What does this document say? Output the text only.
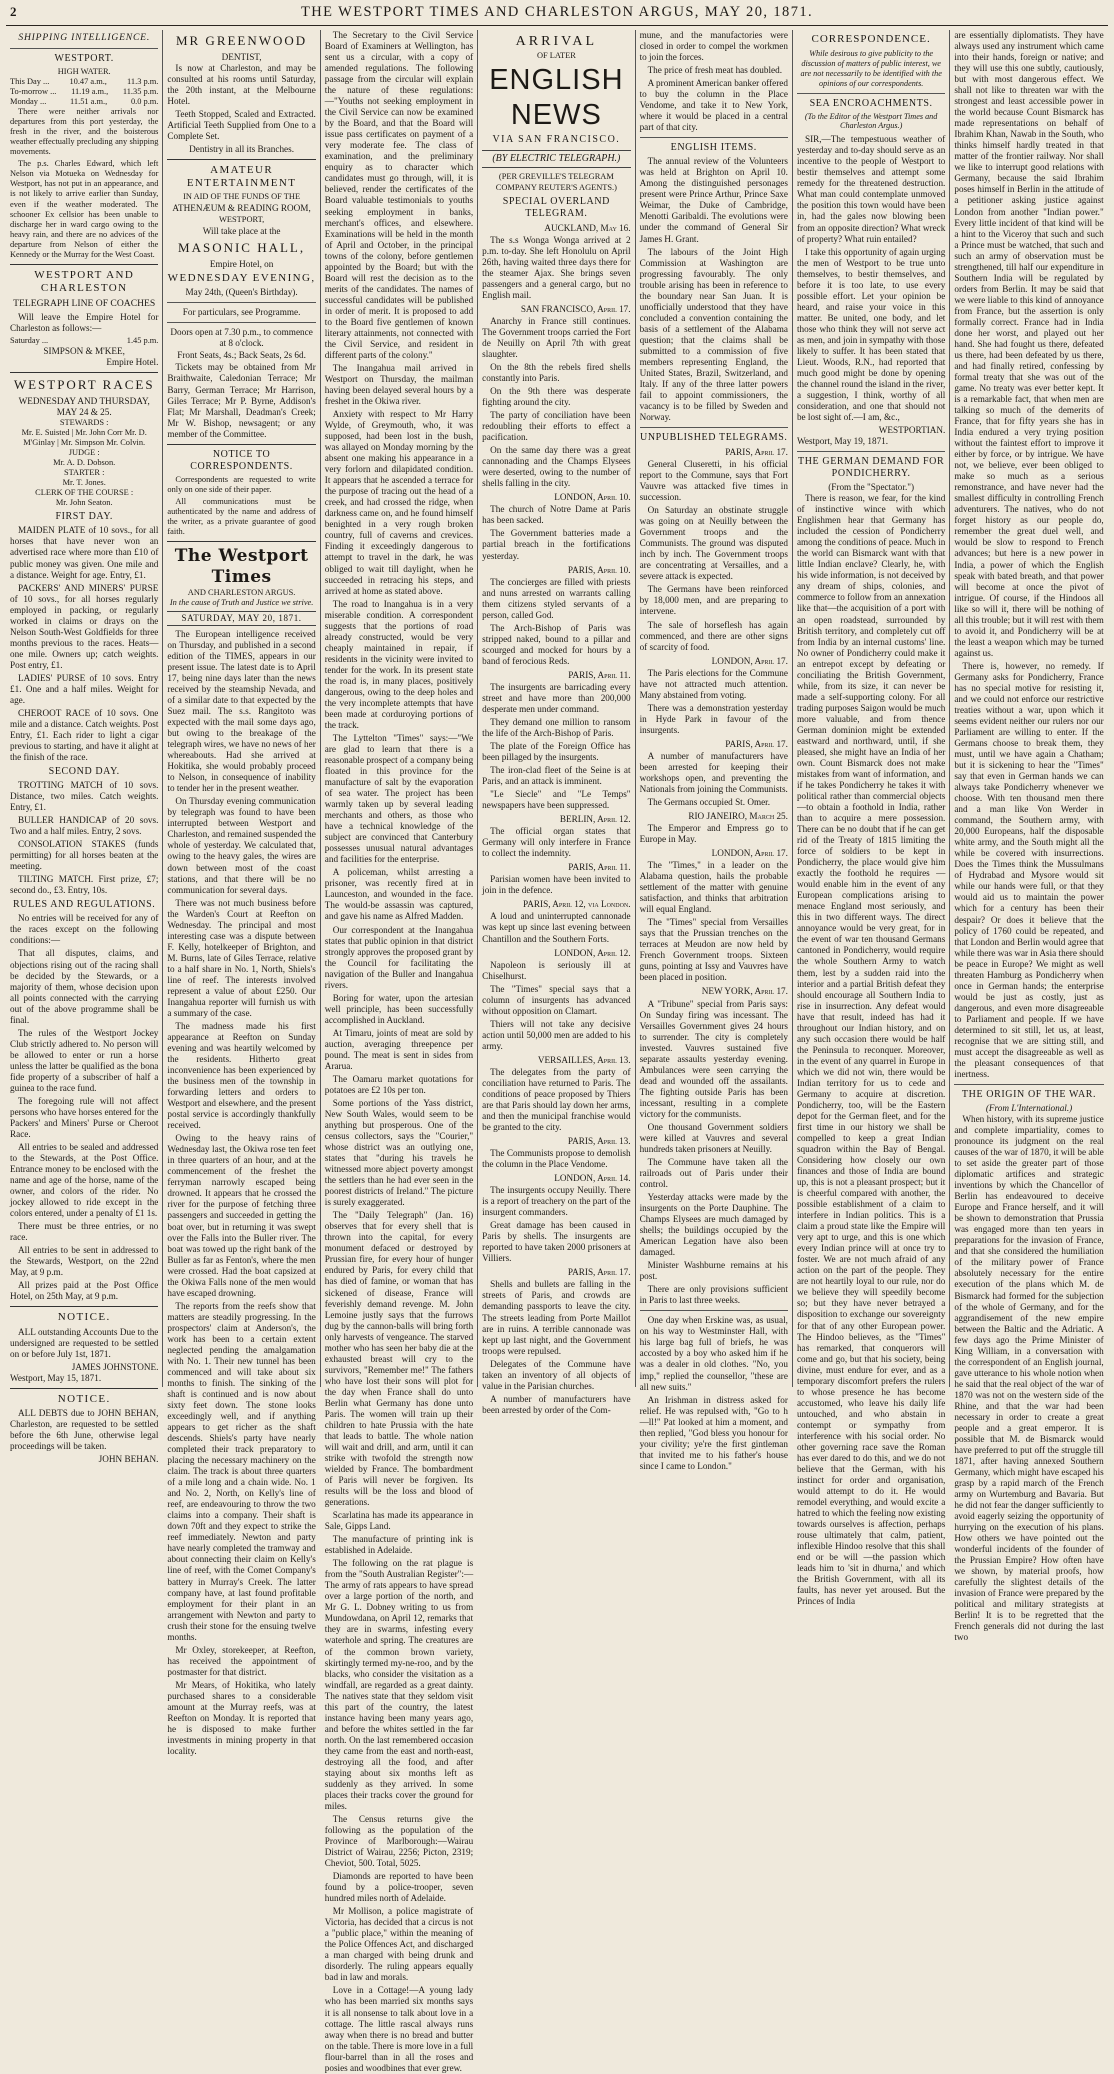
2	THE WESTPORT TIMES AND CHARLESTON ARGUS, MAY 20, 1871.
SHIPPING INTELLIGENCE.
WESTPORT.
HIGH WATER.
This Day ... 10.47 a.m., 11.3 p.m.
To-morrow ... 11.19 a.m., 11.35 p.m.
Monday ...	11.51 a.m.,	0.0 p.m.

There were neither arrivals nor departures from this port yesterday, the fresh in the river, and the boisterous weather effectually precluding any shipping movements.

The p.s. Charles Edward, which left Nelson via Motueka on Wednesday for Westport, has not put in an appearance, and is not likely to arrive earlier than Sunday, even if the weather moderated. The schooner Ex cellsior has been unable to discharge her in ward cargo owing to the heavy rain, and there are no advices of the departure from Nelson of either the Kennedy or the Murray for the West Coast.

WESTPORT AND CHARLESTON
TELEGRAPH LINE OF COACHES

Will leave the Empire Hotel for Charleston as follows:—

Saturday ...	1.45 p.m.
SIMPSON & M'KEE,
Empire Hotel.
WESTPORT RACES
WEDNESDAY AND THURSDAY, MAY 24 & 25.
STEWARDS :
Mr. E. Suisted | Mr. John Corr Mr. D. M'Ginlay | Mr. Simpson Mr. Colvin.
JUDGE :
Mr. A. D. Dobson.
STARTER :
Mr. T. Jones.
CLERK OF THE COURSE :
Mr. John Seaton.
FIRST DAY.

MAIDEN PLATE of 10 sovs., for all horses that have never won an advertised race where more than £10 of public money was given. One mile and a distance. Weight for age. Entry, £1.

PACKERS' AND MINERS' PURSE of 10 sovs., for all horses regularly employed in packing, or regularly worked in claims or drays on the Nelson South-West Goldfields for three months previous to the races. Heats—one mile. Owners up; catch weights. Post entry, £1.

LADIES' PURSE of 10 sovs. Entry £1. One and a half miles. Weight for age.

CHEROOT RACE of 10 sovs. One mile and a distance. Catch weights. Post Entry, £1. Each rider to light a cigar previous to starting, and have it alight at the finish of the race.

SECOND DAY.

TROTTING MATCH of 10 sovs. Distance, two miles. Catch weights. Entry, £1.

BULLER HANDICAP of 20 sovs. Two and a half miles. Entry, 2 sovs.

CONSOLATION STAKES (funds permitting) for all horses beaten at the meeting.

TILTING MATCH. First prize, £7; second do., £3. Entry, 10s.

RULES AND REGULATIONS.

No entries will be received for any of the races except on the following conditions:—

That all disputes, claims, and objections rising out of the racing shall be decided by the Stewards, or a majority of them, whose decision upon all points connected with the carrying out of the above programme shall be final.

The rules of the Westport Jockey Club strictly adhered to. No person will be allowed to enter or run a horse unless the latter be qualified as the bona fide property of a subscriber of half a guinea to the race fund.

The foregoing rule will not affect persons who have horses entered for the Packers' and Miners' Purse or Cheroot Race.

All entries to be sealed and addressed to the Stewards, at the Post Office. Entrance money to be enclosed with the name and age of the horse, name of the owner, and colors of the rider. No jockey allowed to ride except in the colors entered, under a penalty of £1 1s.

There must be three entries, or no race.

All entries to be sent in addressed to the Stewards, Westport, on the 22nd May, at 9 p.m.

All prizes paid at the Post Office Hotel, on 25th May, at 9 p.m.

NOTICE.

ALL outstanding Accounts Due to the undersigned are requested to be settled on or before July 1st, 1871.

JAMES JOHNSTONE.
Westport, May 15, 1871.
NOTICE.

ALL DEBTS due to JOHN BEHAN, Charleston, are requested to be settled before the 6th June, otherwise legal proceedings will be taken.

JOHN BEHAN.
MR GREENWOOD
DENTIST,

Is now at Charleston, and may be consulted at his rooms until Saturday, the 20th instant, at the Melbourne Hotel.

Teeth Stopped, Scaled and Extracted. Artificial Teeth Supplied from One to a Complete Set.

Dentistry in all its Branches.
AMATEUR ENTERTAINMENT
IN AID OF THE FUNDS OF THE
ATHENÆUM & READING ROOM,
WESTPORT,
Will take place at the
MASONIC HALL,
Empire Hotel, on
WEDNESDAY EVENING,
May 24th, (Queen's Birthday).
For particulars, see Programme.
Doors open at 7.30 p.m., to commence at 8 o'clock.
Front Seats, 4s.; Back Seats, 2s 6d.

Tickets may be obtained from Mr Braithwaite, Caledonian Terrace; Mr Barry, German Terrace; Mr Harrison, Giles Terrace; Mr P. Byrne, Addison's Flat; Mr Marshall, Deadman's Creek; Mr W. Bishop, newsagent; or any member of the Committee.

NOTICE TO CORRESPONDENTS.

Correspondents are requested to write only on one side of their paper.

All communications must be authenticated by the name and address of the writer, as a private guarantee of good faith.

The Westport Times
AND CHARLESTON ARGUS.
In the cause of Truth and Justice we strive.
SATURDAY, MAY 20, 1871.

The European intelligence received on Thursday, and published in a second edition of the TIMES, appears in our present issue. The latest date is to April 17, being nine days later than the news received by the steamship Nevada, and of a similar date to that expected by the Suez mail. The s.s. Rangitoto was expected with the mail some days ago, but owing to the breakage of the telegraph wires, we have no news of her whereabouts. Had she arrived at Hokitika, she would probably proceed to Nelson, in consequence of inability to tender her in the present weather.

On Thursday evening communication by telegraph was found to have been interrupted between Westport and Charleston, and remained suspended the whole of yesterday. We calculated that, owing to the heavy gales, the wires are down between most of the coast stations, and that there will be no communication for several days.

There was not much business before the Warden's Court at Reefton on Wednesday. The principal and most interesting case was a dispute between F. Kelly, hotelkeeper of Brighton, and M. Burns, late of Giles Terrace, relative to a half share in No. 1, North, Shiels's line of reef. The interests involved represent a value of about £250. Our Inangahua reporter will furnish us with a summary of the case.

The madness made his first appearance at Reefton on Sunday evening and was heartily welcomed by the residents. Hitherto great inconvenience has been experienced by the business men of the township in forwarding letters and orders to Westport and elsewhere, and the present postal service is accordingly thankfully received.

Owing to the heavy rains of Wednesday last, the Okiwa rose ten feet in three quarters of an hour, and at the commencement of the freshet the ferryman narrowly escaped being drowned. It appears that he crossed the river for the purpose of fetching three passengers and succeeded in getting the boat over, but in returning it was swept over the Falls into the Buller river. The boat was towed up the right bank of the Buller as far as Fenton's, where the men were crossed. Had the boat capsized at the Okiwa Falls none of the men would have escaped drowning.

The reports from the reefs show that matters are steadily progressing. In the prospectors' claim at Anderson's, the work has been to a certain extent neglected pending the amalgamation with No. 1. Their new tunnel has been commenced and will take about six months to finish. The sinking of the shaft is continued and is now about sixty feet down. The stone looks exceedingly well, and if anything appears to get richer as the shaft descends. Shiels's party have nearly completed their track preparatory to placing the necessary machinery on the claim. The track is about three quarters of a mile long and a chain wide. No. 1 and No. 2, North, on Kelly's line of reef, are endeavouring to throw the two claims into a company. Their shaft is down 70ft and they expect to strike the reef immediately. Newton and party have nearly completed the tramway and about connecting their claim on Kelly's line of reef, with the Comet Company's battery in Murray's Creek. The latter company have, at last found profitable employment for their plant in an arrangement with Newton and party to crush their stone for the ensuing twelve months.

Mr Oxley, storekeeper, at Reefton, has received the appointment of postmaster for that district.

Mr Mears, of Hokitika, who lately purchased shares to a considerable amount at the Murray reefs, was at Reefton on Monday. It is reported that he is disposed to make further investments in mining property in that locality.

The Secretary to the Civil Service Board of Examiners at Wellington, has sent us a circular, with a copy of amended regulations. The following passage from the circular will explain the nature of these regulations:—"Youths not seeking employment in the Civil Service can now be examined by the Board, and that the Board will issue pass certificates on payment of a very moderate fee. The class of examination, and the preliminary enquiry as to character which candidates must go through, will, it is believed, render the certificates of the Board valuable testimonials to youths seeking employment in banks, merchant's offices, and elsewhere. Examinations will be held in the month of April and October, in the principal towns of the colony, before gentlemen appointed by the Board; but with the Board will rest the decision as to the merits of the candidates. The names of successful candidates will be published in order of merit. It is proposed to add to the Board five gentlemen of known literary attainments, not connected with the Civil Service, and resident in different parts of the colony."

The Inangahua mail arrived in Westport on Thursday, the mailman having been delayed several hours by a freshet in the Okiwa river.

Anxiety with respect to Mr Harry Wylde, of Greymouth, who, it was supposed, had been lost in the bush, was allayed on Monday morning by the absent one making his appearance in a very forlorn and dilapidated condition. It appears that he ascended a terrace for the purpose of tracing out the head of a creek, and had crossed the ridge, when darkness came on, and he found himself benighted in a very rough broken country, full of caverns and crevices. Finding it exceedingly dangerous to attempt to travel in the dark, he was obliged to wait till daylight, when he succeeded in retracing his steps, and arrived at home as stated above.

The road to Inangahua is in a very miserable condition. A correspondent suggests that the portions of road already constructed, would be very cheaply maintained in repair, if residents in the vicinity were invited to tender for the work. In its present state the road is, in many places, positively dangerous, owing to the deep holes and the very incomplete attempts that have been made at corduroying portions of the track.

The Lyttelton "Times" says:—"We are glad to learn that there is a reasonable prospect of a company being floated in this province for the manufacture of salt by the evaporation of sea water. The project has been warmly taken up by several leading merchants and others, as those who have a technical knowledge of the subject are convinced that Canterbury possesses unusual natural advantages and facilities for the enterprise.

A policeman, whilst arresting a prisoner, was recently fired at in Launceston, and wounded in the face. The would-be assassin was captured, and gave his name as Alfred Madden.

Our correspondent at the Inangahua states that public opinion in that district strongly approves the proposed grant by the Council for facilitating the navigation of the Buller and Inangahua rivers.

Boring for water, upon the artesian well principle, has been successfully accomplished in Auckland.

At Timaru, joints of meat are sold by auction, averaging threepence per pound. The meat is sent in sides from Ararua.

The Oamaru market quotations for potatoes are £2 10s per ton.

Some portions of the Yass district, New South Wales, would seem to be anything but prosperous. One of the census collectors, says the "Courier," whose district was an outlying one, states that "during his travels he witnessed more abject poverty amongst the settlers than he had ever seen in the poorest districts of Ireland." The picture is surely exaggerated.

The "Daily Telegraph" (Jan. 16) observes that for every shell that is thrown into the capital, for every monument defaced or destroyed by Prussian fire, for every hour of hunger endured by Paris, for every child that has died of famine, or woman that has sickened of disease, France will feverishly demand revenge. M. John Lemoine justly says that the furrows dug by the cannon-balls will bring forth only harvests of vengeance. The starved mother who has seen her baby die at the exhausted breast will cry to the survivors, "Remember me!" The fathers who have lost their sons will plot for the day when France shall do unto Berlin what Germany has done unto Paris. The women will train up their children to hate Prussia with the hate that leads to battle. The whole nation will wait and drill, and arm, until it can strike with twofold the strength now wielded by France. The bombardment of Paris will never be forgiven. Its results will be the loss and blood of generations.

Scarlatina has made its appearance in Sale, Gipps Land.

The manufacture of printing ink is established in Adelaide.

The following on the rat plague is from the "South Australian Register":—The army of rats appears to have spread over a large portion of the north, and Mr G. L. Dobney writing to us from Mundowdana, on April 12, remarks that they are in swarms, infesting every waterhole and spring. The creatures are of the common brown variety, skirtingly termed my-ne-roo, and by the blacks, who consider the visitation as a windfall, are regarded as a great dainty. The natives state that they seldom visit this part of the country, the latest instance having been many years ago, and before the whites settled in the far north. On the last remembered occasion they came from the east and north-east, destroying all the food, and after staying about six months left as suddenly as they arrived. In some places their tracks cover the ground for miles.

The Census returns give the following as the population of the Province of Marlborough:—Wairau District of Wairau, 2256; Picton, 2319; Cheviot, 500. Total, 5025.

Diamonds are reported to have been found by a police-trooper, seven hundred miles north of Adelaide.

Mr Mollison, a police magistrate of Victoria, has decided that a circus is not a "public place," within the meaning of the Police Offences Act, and discharged a man charged with being drunk and disorderly. The ruling appears equally bad in law and morals.

Love in a Cottage!—A young lady who has been married six months says it is all nonsense to talk about love in a cottage. The little rascal always runs away when there is no bread and butter on the table. There is more love in a full flour-barrel than in all the roses and posies and woodbines that ever grew.

ARRIVAL
OF LATER
ENGLISH NEWS
VIA SAN FRANCISCO.
(BY ELECTRIC TELEGRAPH.)
(PER GREVILLE'S TELEGRAM COMPANY REUTER'S AGENTS.)
SPECIAL OVERLAND TELEGRAM.
AUCKLAND, May 16.

The s.s Wonga Wonga arrived at 2 p.m. to-day. She left Honolulu on April 26th, having waited three days there for the steamer Ajax. She brings seven passengers and a general cargo, but no English mail.

SAN FRANCISCO, April 17.

Anarchy in France still continues. The Government troops carried the Fort de Neuilly on April 7th with great slaughter.

On the 8th the rebels fired shells constantly into Paris.

On the 9th there was desperate fighting around the city.

The party of conciliation have been redoubling their efforts to effect a pacification.

On the same day there was a great cannonading and the Champs Elysees were deserted, owing to the number of shells falling in the city.

LONDON, April 10.

The church of Notre Dame at Paris has been sacked.

The Government batteries made a partial breach in the fortifications yesterday.

PARIS, April 10.

The concierges are filled with priests and nuns arrested on warrants calling them citizens styled servants of a person, called God.

The Arch-Bishop of Paris was stripped naked, bound to a pillar and scourged and mocked for hours by a band of ferocious Reds.

PARIS, April 11.

The insurgents are barricading every street and have more than 200,000 desperate men under command.

They demand one million to ransom the life of the Arch-Bishop of Paris.

The plate of the Foreign Office has been pillaged by the insurgents.

The iron-clad fleet of the Seine is at Paris, and an attack is imminent.

"Le Siecle" and "Le Temps" newspapers have been suppressed.

BERLIN, April 12.

The official organ states that Germany will only interfere in France to collect the indemnity.

PARIS, April 11.

Parisian women have been invited to join in the defence.

PARIS, April 12, via London.

A loud and uninterrupted cannonade was kept up since last evening between Chantillon and the Southern Forts.

LONDON, April 12.

Napoleon is seriously ill at Chiselhurst.

The "Times" special says that a column of insurgents has advanced without opposition on Clamart.

Thiers will not take any decisive action until 50,000 men are added to his army.

VERSAILLES, April 13.

The delegates from the party of conciliation have returned to Paris. The conditions of peace proposed by Thiers are that Paris should lay down her arms, and then the municipal franchise would be granted to the city.

PARIS, April 13.

The Communists propose to demolish the column in the Place Vendome.

LONDON, April 14.

The insurgents occupy Neuilly. There is a report of treachery on the part of the insurgent commanders.

Great damage has been caused in Paris by shells. The insurgents are reported to have taken 2000 prisoners at Villiers.

PARIS, April 17.

Shells and bullets are falling in the streets of Paris, and crowds are demanding passports to leave the city. The streets leading from Porte Maillot are in ruins. A terrible cannonade was kept up last night, and the Government troops were repulsed.

Delegates of the Commune have taken an inventory of all objects of value in the Parisian churches.

A number of manufacturers have been arrested by order of the Com-

mune, and the manufactories were closed in order to compel the workmen to join the forces.

The price of fresh meat has doubled.

A prominent American banker offered to buy the column in the Place Vendome, and take it to New York, where it would be placed in a central part of that city.

ENGLISH ITEMS.

The annual review of the Volunteers was held at Brighton on April 10. Among the distinguished personages present were Prince Arthur, Prince Saxe Weimar, the Duke of Cambridge, Menotti Garibaldi. The evolutions were under the command of General Sir James H. Grant.

The labours of the Joint High Commission at Washington are progressing favourably. The only trouble arising has been in reference to the boundary near San Juan. It is unofficially understood that they have concluded a convention containing the basis of a settlement of the Alabama question; that the claims shall be submitted to a commission of five members representing England, the United States, Brazil, Switzerland, and Italy. If any of the three latter powers fail to appoint commissioners, the vacancy is to be filled by Sweden and Norway.

UNPUBLISHED TELEGRAMS.
PARIS, April 17.

General Cluseretti, in his official report to the Commune, says that Fort Vauvre was attacked five times in succession.

On Saturday an obstinate struggle was going on at Neuilly between the Government troops and the Communists. The ground was disputed inch by inch. The Government troops are concentrating at Versailles, and a severe attack is expected.

The Germans have been reinforced by 18,000 men, and are preparing to intervene.

The sale of horseflesh has again commenced, and there are other signs of scarcity of food.

LONDON, April 17.

The Paris elections for the Commune have not attracted much attention. Many abstained from voting.

There was a demonstration yesterday in Hyde Park in favour of the insurgents.

PARIS, April 17.

A number of manufacturers have been arrested for keeping their workshops open, and preventing the Nationals from joining the Communists.

The Germans occupied St. Omer.

RIO JANEIRO, March 25.

The Emperor and Empress go to Europe in May.

LONDON, April 17.

The "Times," in a leader on the Alabama question, hails the probable settlement of the matter with genuine satisfaction, and thinks that arbitration will equal England.

The "Times" special from Versailles says that the Prussian trenches on the terraces at Meudon are now held by French Government troops. Sixteen guns, pointing at Issy and Vauvres have been placed in position.

NEW YORK, April 17.

A "Tribune" special from Paris says: On Sunday firing was incessant. The Versailles Government gives 24 hours to surrender. The city is completely invested. Vauvres sustained five separate assaults yesterday evening. Ambulances were seen carrying the dead and wounded off the assailants. The fighting outside Paris has been incessant, resulting in a complete victory for the communists.

One thousand Government soldiers were killed at Vauvres and several hundreds taken prisoners at Neuilly.

The Commune have taken all the railroads out of Paris under their control.

Yesterday attacks were made by the insurgents on the Porte Dauphine. The Champs Elysees are much damaged by shells; the buildings occupied by the American Legation have also been damaged.

Minister Washburne remains at his post.

There are only provisions sufficient in Paris to last three weeks.

One day when Erskine was, as usual, on his way to Westminster Hall, with his large bag full of briefs, he was accosted by a boy who asked him if he was a dealer in old clothes. "No, you imp," replied the counsellor, "these are all new suits."

An Irishman in distress asked for relief. He was repulsed with, "Go to h—ll!" Pat looked at him a moment, and then replied, "God bless you honour for your civility; ye're the first gintleman that invited me to his father's house since I came to London."

CORRESPONDENCE.
While desirous to give publicity to the discussion of matters of public interest, we are not necessarily to be identified with the opinions of our correspondents.
SEA ENCROACHMENTS.
(To the Editor of the Westport Times and Charleston Argus.)

SIR,—The tempestuous weather of yesterday and to-day should serve as an incentive to the people of Westport to bestir themselves and attempt some remedy for the threatened destruction. What man could contemplate unmoved the position this town would have been in, had the gales now blowing been from an opposite direction? What wreck of property? What ruin entailed?

I take this opportunity of again urging the men of Westport to be true unto themselves, to bestir themselves, and before it is too late, to use every possible effort. Let your opinion be heard, and raise your voice in this matter. Be united, one body, and let those who think they will not serve act as men, and join in sympathy with those likely to suffer. It has been stated that Lieut. Woods, R.N., had reported that much good might be done by opening the channel round the island in the river, a suggestion, I think, worthy of all consideration, and one that should not be lost sight of.—I am, &c.,

WESTPORTIAN.
Westport, May 19, 1871.
THE GERMAN DEMAND FOR PONDICHERRY.
(From the "Spectator.")

There is reason, we fear, for the kind of instinctive wince with which Englishmen hear that Germany has included the cession of Pondicherry among the conditions of peace. Much in the world can Bismarck want with that little Indian enclave? Clearly, he, with his wide information, is not deceived by any dream of ships, colonies, and commerce to follow from an annexation like that—the acquisition of a port with an open roadstead, surrounded by British territory, and completely cut off from India by an internal customs' line. No owner of Pondicherry could make it an entrepot except by defeating or conciliating the British Government, while, from its size, it can never be made a self-supporting colony. For all trading purposes Saigon would be much more valuable, and from thence German dominion might be extended eastward and northward, until, if she pleased, she might have an India of her own. Count Bismarck does not make mistakes from want of information, and if he takes Pondicherry he takes it with political rather than commercial objects—to obtain a foothold in India, rather than to acquire a mere possession. There can be no doubt that if he can get rid of the Treaty of 1815 limiting the force of soldiers to be kept in Pondicherry, the place would give him exactly the foothold he requires — would enable him in the event of any European complications arising to menace England most seriously, and this in two different ways. The direct annoyance would be very great, for in the event of war ten thousand Germans cantoned in Pondicherry, would require the whole Southern Army to watch them, lest by a sudden raid into the interior and a partial British defeat they should encourage all Southern India to rise in insurrection. Any defeat would have that result, indeed has had it throughout our Indian history, and on any such occasion there would be half the Peninsula to reconquer. Moreover, in the event of any quarrel in Europe in which we did not win, there would be Indian territory for us to cede and Germany to acquire at discretion. Pondicherry, too, will be the Eastern depot for the German fleet, and for the first time in our history we shall be compelled to keep a great Indian squadron within the Bay of Bengal. Considering how closely our own finances and those of India are bound up, this is not a pleasant prospect; but it is cheerful compared with another, the possible establishment of a claim to interfere in Indian politics. This is a claim a proud state like the Empire will very apt to urge, and this is one which every Indian prince will at once try to foster. We are not much afraid of any action on the part of the people. They are not heartily loyal to our rule, nor do we believe they will speedily become so; but they have never betrayed a disposition to exchange our sovereignty for that of any other European power. The Hindoo believes, as the "Times" has remarked, that conquerors will come and go, but that his society, being divine, must endure for ever, and as a temporary discomfort prefers the rulers to whose presence he has become accustomed, who leave his daily life untouched, and who abstain in contempt or sympathy from interference with his social order. No other governing race save the Roman has ever dared to do this, and we do not believe that the German, with his instinct for order and organisation, would attempt to do it. He would remodel everything, and would excite a hatred to which the feeling now existing towards ourselves is affection, perhaps rouse ultimately that calm, patient, inflexible Hindoo resolve that this shall end or be will —the passion which leads him to 'sit in dhurna,' and which the British Government, with all its faults, has never yet aroused. But the Princes of India

are essentially diplomatists. They have always used any instrument which came into their hands, foreign or native; and they will use this one subtly, cautiously, but with most dangerous effect. We shall not like to threaten war with the strongest and least accessible power in the world because Count Bismarck has made representations on behalf of Ibrahim Khan, Nawab in the South, who thinks himself hardly treated in that matter of the frontier railway. Nor shall we like to interrupt good relations with Germany, because the said Ibrahim poses himself in Berlin in the attitude of a petitioner asking justice against London from another "Indian power." Every little incident of that kind will be a hint to the Viceroy that such and such a Prince must be watched, that such and such an army of observation must be strengthened, till half our expenditure in Southern India will be regulated by orders from Berlin. It may be said that we were liable to this kind of annoyance from France, but the assertion is only formally correct. France had in India done her worst, and played out her hand. She had fought us there, defeated us there, had been defeated by us there, and had finally retired, confessing by formal treaty that she was out of the game. No treaty was ever better kept. It is a remarkable fact, that when men are talking so much of the demerits of France, that for fifty years she has in India endured a very trying position without the faintest effort to improve it either by force, or by intrigue. We have not, we believe, ever been obliged to make so much as a serious remonstrance, and have never had the smallest difficulty in controlling French adventurers. The natives, who do not forget history as our people do, remember the great duel well, and would be slow to respond to French advances; but here is a new power in India, a power of which the English speak with bated breath, and that power will become at once the pivot of intrigue. Of course, if the Hindoos all like so will it, there will be nothing of all this trouble; but it will rest with them to avoid it, and Pondicherry will be at the least a weapon which may be turned against us.

There is, however, no remedy. If Germany asks for Pondicherry, France has no special motive for resisting it, and we could not enforce our restrictive treaties without a war, upon which it seems evident neither our rulers nor our Parliament are willing to enter. If the Germans choose to break them, they must, until we have again a Chatham; but it is sickening to hear the "Times" say that even in German hands we can always take Pondicherry whenever we choose. With ten thousand men there and a man like Von Werder in command, the Southern army, with 20,000 Europeans, half the disposable white army, and the South might all the while be covered with insurrections. Does the Times think the Mussulmans of Hydrabad and Mysore would sit while our hands were full, or that they would aid us to maintain the power which for a century has been their despair? Or does it believe that the policy of 1760 could be repeated, and that London and Berlin would agree that while there was war in Asia there should be peace in Europe? We might as well threaten Hamburg as Pondicherry when once in German hands; the enterprise would be just as costly, just as dangerous, and even more disagreeable to Parliament and people. If we have determined to sit still, let us, at least, recognise that we are sitting still, and must accept the disagreeable as well as the pleasant consequences of that inertness.

THE ORIGIN OF THE WAR.
(From L'International.)

When history, with its supreme justice and complete impartiality, comes to pronounce its judgment on the real causes of the war of 1870, it will be able to set aside the greater part of those diplomatic artifices and strategic inventions by which the Chancellor of Berlin has endeavoured to deceive Europe and France herself, and it will be shown to demonstration that Prussia was engaged more than ten years in preparations for the invasion of France, and that she considered the humiliation of the military power of France absolutely necessary for the entire execution of the plans which M. de Bismarck had formed for the subjection of the whole of Germany, and for the aggrandisement of the new empire between the Baltic and the Adriatic. A few days ago the Prime Minister of King William, in a conversation with the correspondent of an English journal, gave utterance to his whole notion when he said that the real object of the war of 1870 was not on the western side of the Rhine, and that the war had been necessary in order to create a great people and a great emperor. It is possible that M. de Bismarck would have preferred to put off the struggle till 1871, after having annexed Southern Germany, which might have escaped his grasp by a rapid march of the French army on Wurtemburg and Bavaria. But he did not fear the danger sufficiently to avoid eagerly seizing the opportunity of hurrying on the execution of his plans. How others we have pointed out the wonderful incidents of the founder of the Prussian Empire? How often have we shown, by material proofs, how carefully the slightest details of the invasion of France were prepared by the political and military strategists at Berlin! It is to be regretted that the French generals did not during the last two
